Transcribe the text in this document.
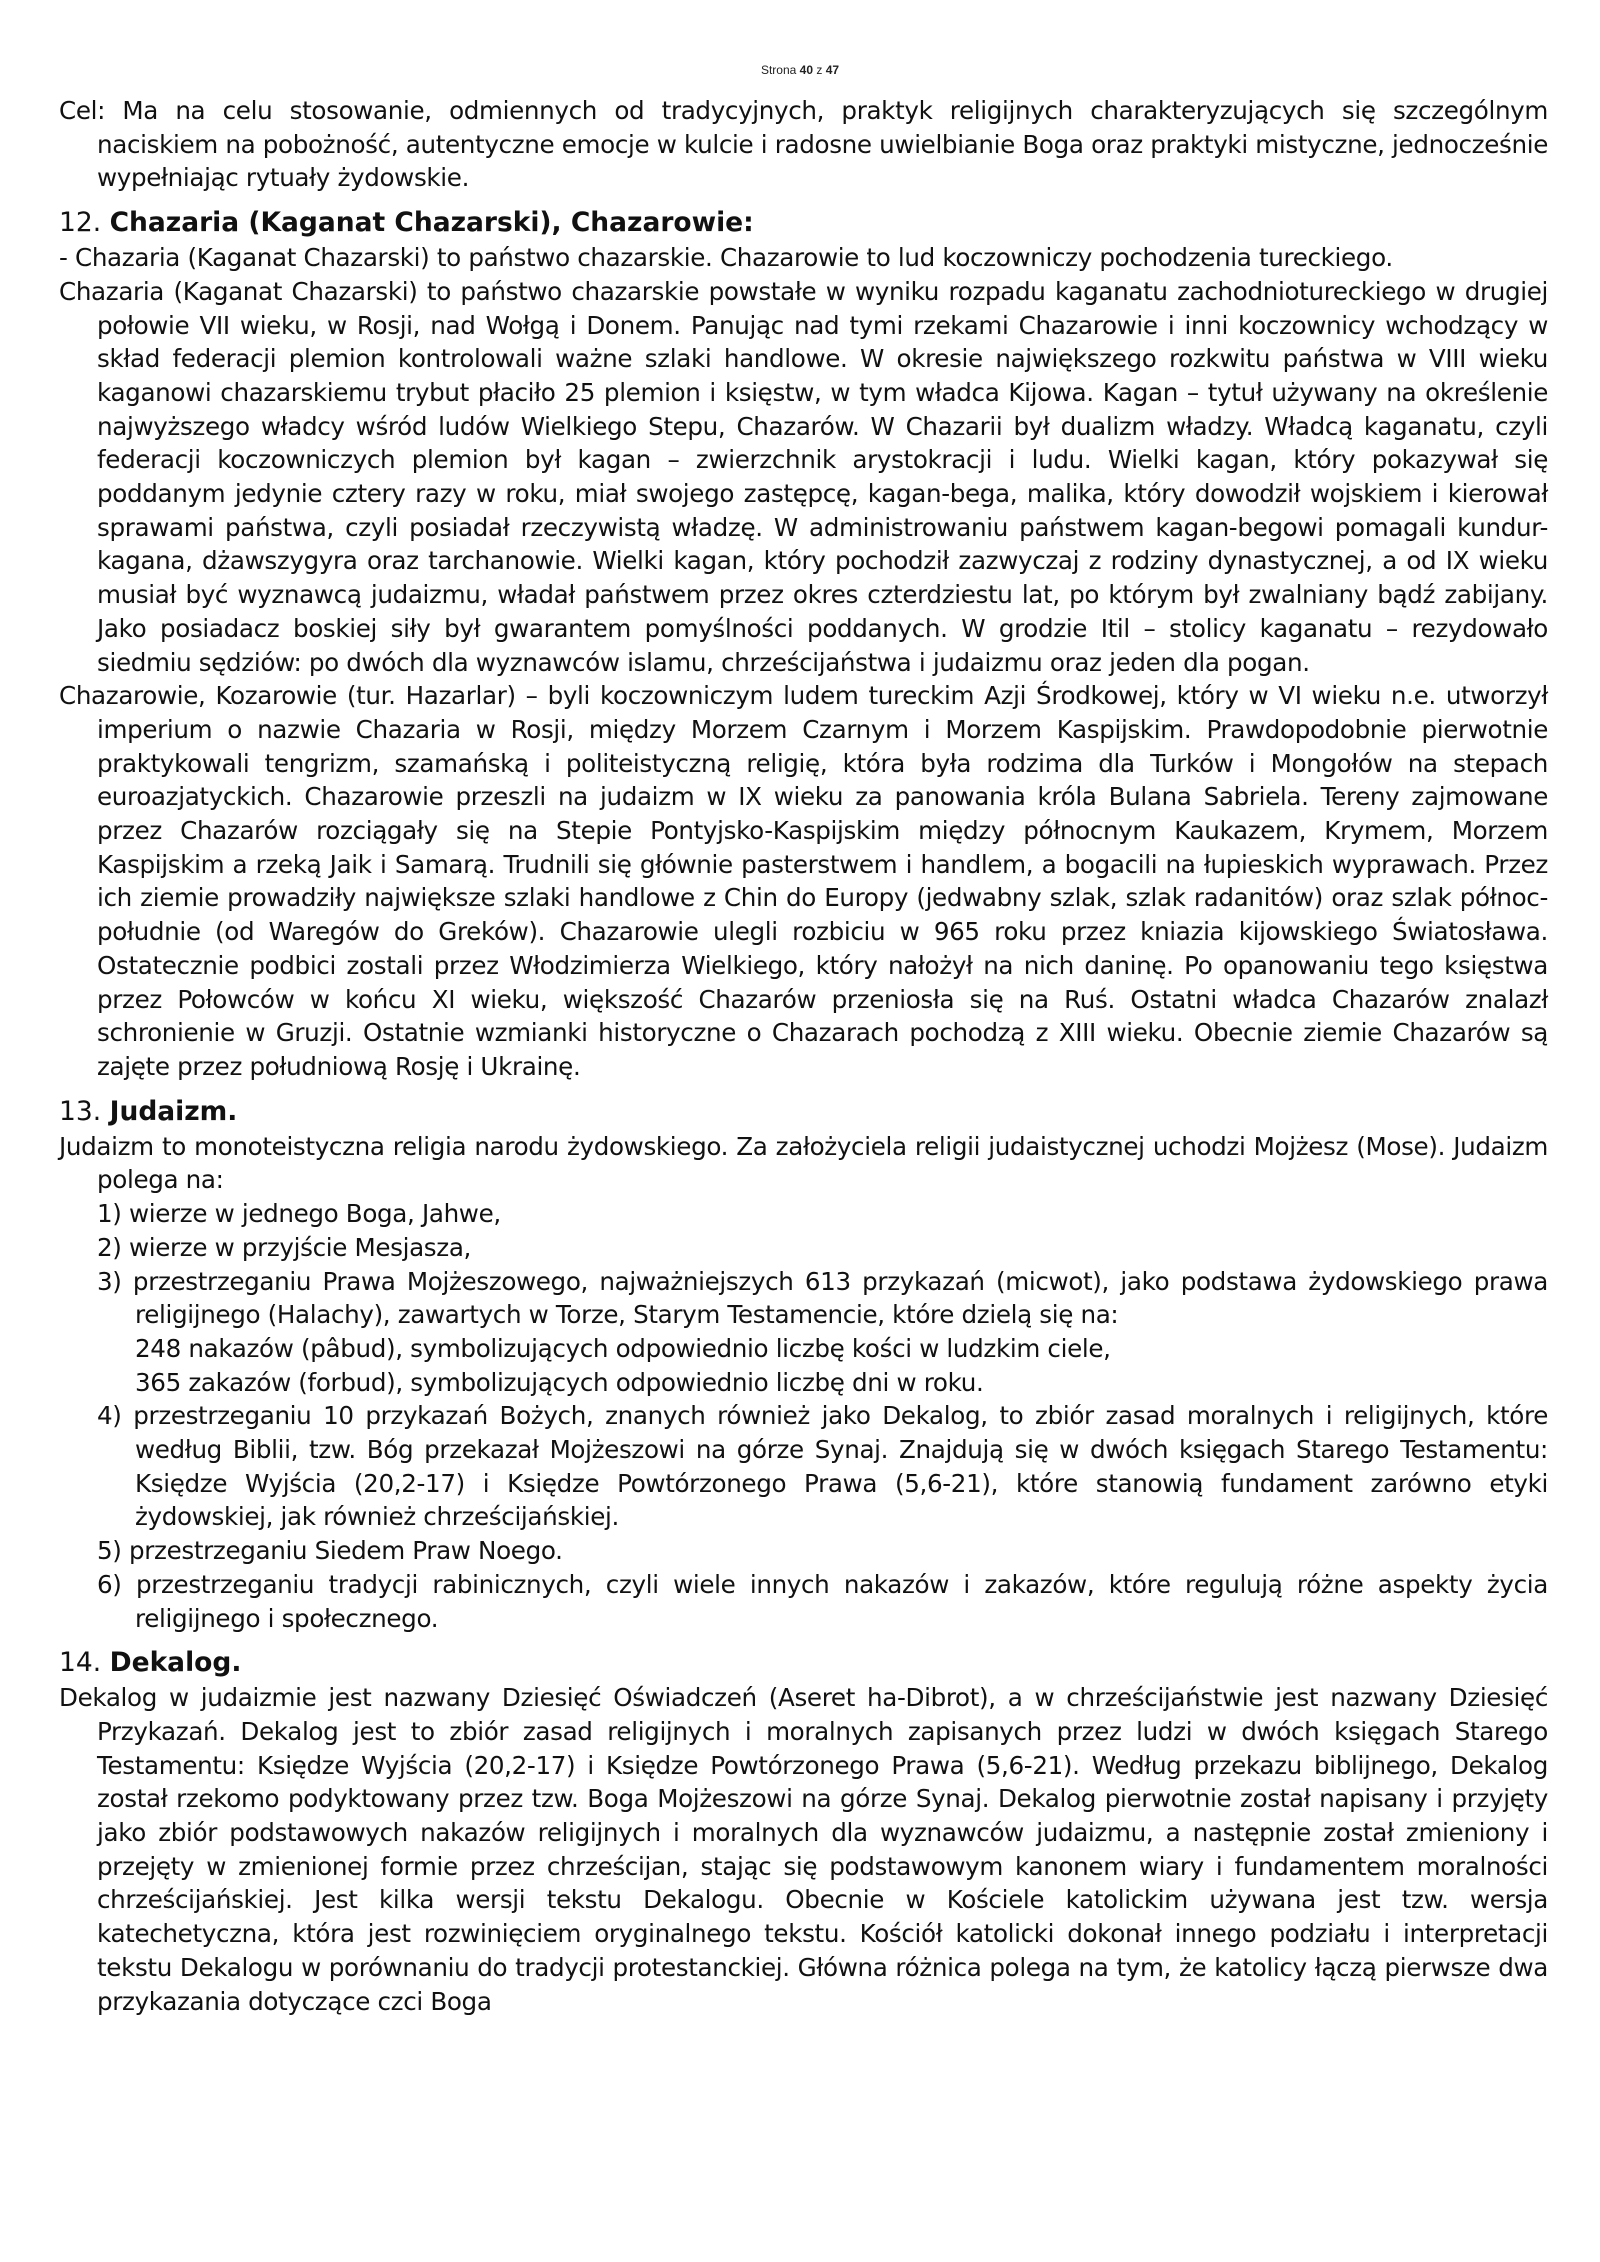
Strona 40 z 47

Cel: Ma na celu stosowanie, odmiennych od tradycyjnych, praktyk religijnych charakteryzujących się szczególnym naciskiem na pobożność, autentyczne emocje w kulcie i radosne uwielbianie Boga oraz praktyki mistyczne, jednocześnie wypełniając rytuały żydowskie.

12. Chazaria (Kaganat Chazarski), Chazarowie:

- Chazaria (Kaganat Chazarski) to państwo chazarskie. Chazarowie to lud koczowniczy pochodzenia tureckiego.

Chazaria (Kaganat Chazarski) to państwo chazarskie powstałe w wyniku rozpadu kaganatu zachodniotureckiego w drugiej połowie VII wieku, w Rosji, nad Wołgą i Donem. Panując nad tymi rzekami Chazarowie i inni koczownicy wchodzący w skład federacji plemion kontrolowali ważne szlaki handlowe. W okresie największego rozkwitu państwa w VIII wieku kaganowi chazarskiemu trybut płaciło 25 plemion i księstw, w tym władca Kijowa. Kagan – tytuł używany na określenie najwyższego władcy wśród ludów Wielkiego Stepu, Chazarów. W Chazarii był dualizm władzy. Władcą kaganatu, czyli federacji koczowniczych plemion był kagan – zwierzchnik arystokracji i ludu. Wielki kagan, który pokazywał się poddanym jedynie cztery razy w roku, miał swojego zastępcę, kagan-bega, malika, który dowodził wojskiem i kierował sprawami państwa, czyli posiadał rzeczywistą władzę. W administrowaniu państwem kagan-begowi pomagali kundur-kagana, dżawszygyra oraz tarchanowie. Wielki kagan, który pochodził zazwyczaj z rodziny dynastycznej, a od IX wieku musiał być wyznawcą judaizmu, władał państwem przez okres czterdziestu lat, po którym był zwalniany bądź zabijany. Jako posiadacz boskiej siły był gwarantem pomyślności poddanych. W grodzie Itil – stolicy kaganatu – rezydowało siedmiu sędziów: po dwóch dla wyznawców islamu, chrześcijaństwa i judaizmu oraz jeden dla pogan.

Chazarowie, Kozarowie (tur. Hazarlar) – byli koczowniczym ludem tureckim Azji Środkowej, który w VI wieku n.e. utworzył imperium o nazwie Chazaria w Rosji, między Morzem Czarnym i Morzem Kaspijskim. Prawdopodobnie pierwotnie praktykowali tengrizm, szamańską i politeistyczną religię, która była rodzima dla Turków i Mongołów na stepach euroazjatyckich. Chazarowie przeszli na judaizm w IX wieku za panowania króla Bulana Sabriela. Tereny zajmowane przez Chazarów rozciągały się na Stepie Pontyjsko-Kaspijskim między północnym Kaukazem, Krymem, Morzem Kaspijskim a rzeką Jaik i Samarą. Trudnili się głównie pasterstwem i handlem, a bogacili na łupieskich wyprawach. Przez ich ziemie prowadziły największe szlaki handlowe z Chin do Europy (jedwabny szlak, szlak radanitów) oraz szlak północ-południe (od Waregów do Greków). Chazarowie ulegli rozbiciu w 965 roku przez kniazia kijowskiego Światosława. Ostatecznie podbici zostali przez Włodzimierza Wielkiego, który nałożył na nich daninę. Po opanowaniu tego księstwa przez Połowców w końcu XI wieku, większość Chazarów przeniosła się na Ruś. Ostatni władca Chazarów znalazł schronienie w Gruzji. Ostatnie wzmianki historyczne o Chazarach pochodzą z XIII wieku. Obecnie ziemie Chazarów są zajęte przez południową Rosję i Ukrainę.

13. Judaizm.

Judaizm to monoteistyczna religia narodu żydowskiego. Za założyciela religii judaistycznej uchodzi Mojżesz (Mose). Judaizm polega na:

1) wierze w jednego Boga, Jahwe,

2) wierze w przyjście Mesjasza,

3) przestrzeganiu Prawa Mojżeszowego, najważniejszych 613 przykazań (micwot), jako podstawa żydowskiego prawa religijnego (Halachy), zawartych w Torze, Starym Testamencie, które dzielą się na:

248 nakazów (pâbud), symbolizujących odpowiednio liczbę kości w ludzkim ciele,

365 zakazów (forbud), symbolizujących odpowiednio liczbę dni w roku.

4) przestrzeganiu 10 przykazań Bożych, znanych również jako Dekalog, to zbiór zasad moralnych i religijnych, które według Biblii, tzw. Bóg przekazał Mojżeszowi na górze Synaj. Znajdują się w dwóch księgach Starego Testamentu: Księdze Wyjścia (20,2-17) i Księdze Powtórzonego Prawa (5,6-21), które stanowią fundament zarówno etyki żydowskiej, jak również chrześcijańskiej.

5) przestrzeganiu Siedem Praw Noego.

6) przestrzeganiu tradycji rabinicznych, czyli wiele innych nakazów i zakazów, które regulują różne aspekty życia religijnego i społecznego.

14. Dekalog.

Dekalog w judaizmie jest nazwany Dziesięć Oświadczeń (Aseret ha-Dibrot), a w chrześcijaństwie jest nazwany Dziesięć Przykazań. Dekalog jest to zbiór zasad religijnych i moralnych zapisanych przez ludzi w dwóch księgach Starego Testamentu: Księdze Wyjścia (20,2-17) i Księdze Powtórzonego Prawa (5,6-21). Według przekazu biblijnego, Dekalog został rzekomo podyktowany przez tzw. Boga Mojżeszowi na górze Synaj. Dekalog pierwotnie został napisany i przyjęty jako zbiór podstawowych nakazów religijnych i moralnych dla wyznawców judaizmu, a następnie został zmieniony i przejęty w zmienionej formie przez chrześcijan, stając się podstawowym kanonem wiary i fundamentem moralności chrześcijańskiej. Jest kilka wersji tekstu Dekalogu. Obecnie w Kościele katolickim używana jest tzw. wersja katechetyczna, która jest rozwinięciem oryginalnego tekstu. Kościół katolicki dokonał innego podziału i interpretacji tekstu Dekalogu w porównaniu do tradycji protestanckiej. Główna różnica polega na tym, że katolicy łączą pierwsze dwa przykazania dotyczące czci Boga
